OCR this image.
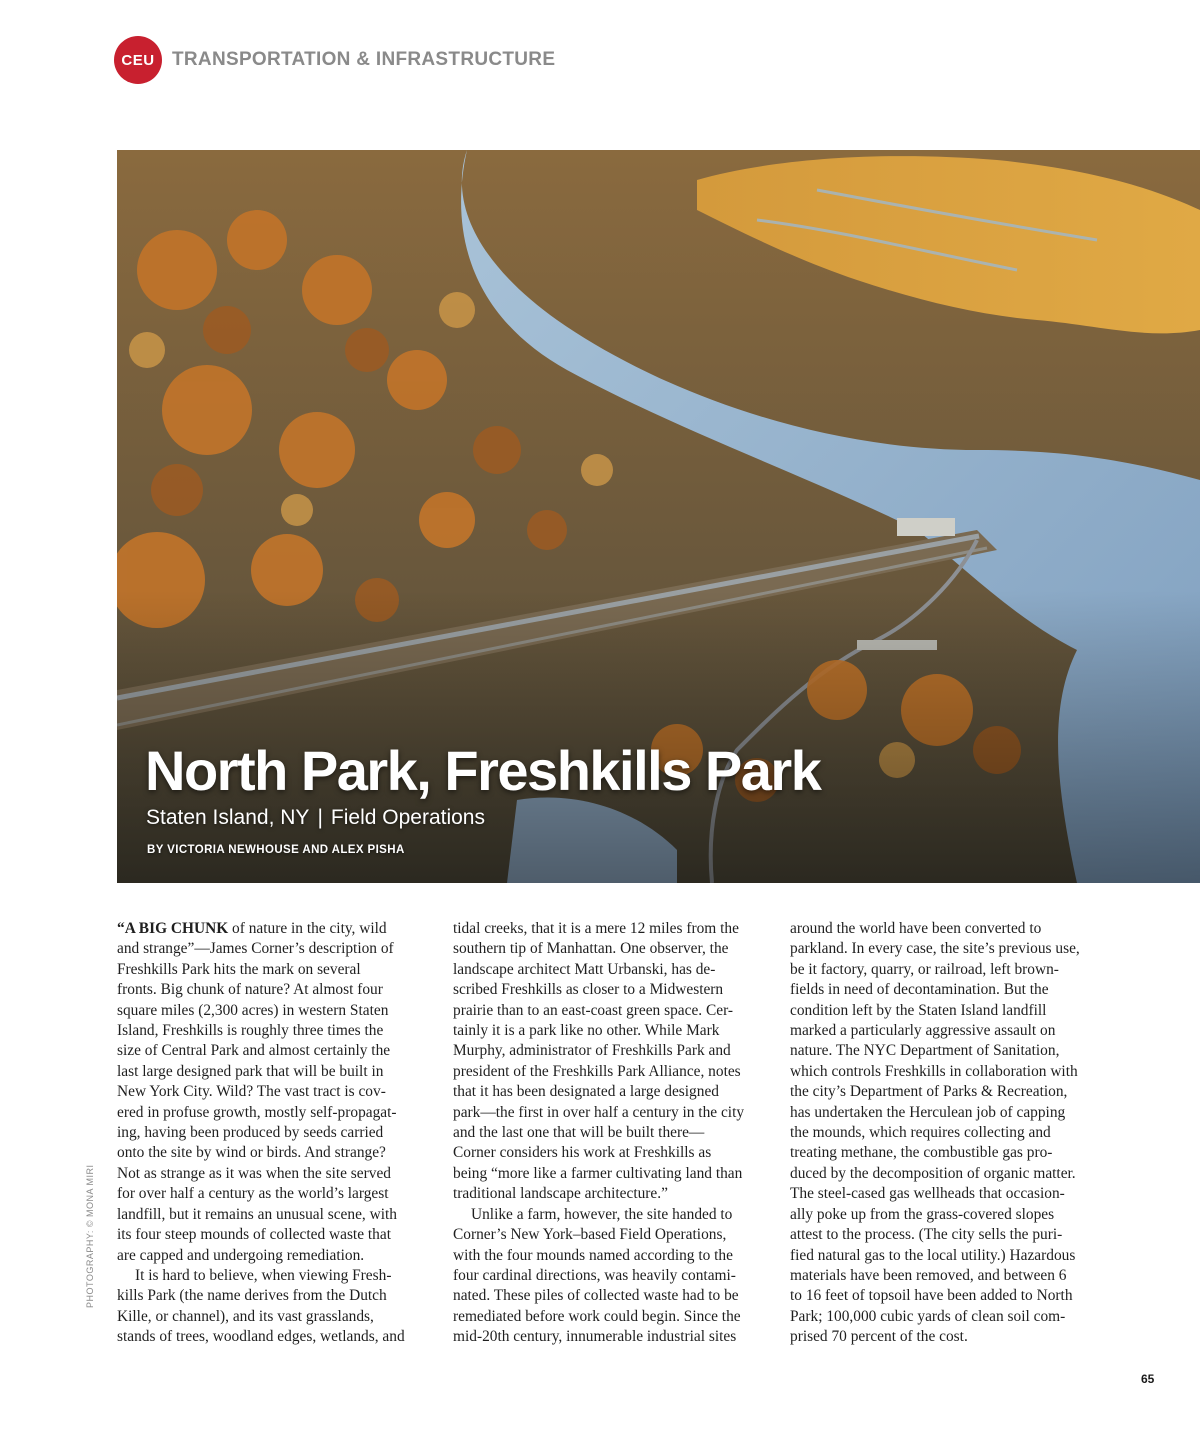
CEU TRANSPORTATION & INFRASTRUCTURE
North Park, Freshkills Park
Staten Island, NY | Field Operations
BY VICTORIA NEWHOUSE AND ALEX PISHA
PHOTOGRAPHY: © MONA MIRI
“A BIG CHUNK of nature in the city, wild
and strange”—James Corner’s description of
Freshkills Park hits the mark on several
fronts. Big chunk of nature? At almost four
square miles (2,300 acres) in western Staten
Island, Freshkills is roughly three times the
size of Central Park and almost certainly the
last large designed park that will be built in
New York City. Wild? The vast tract is cov-
ered in profuse growth, mostly self-propagat-
ing, having been produced by seeds carried
onto the site by wind or birds. And strange?
Not as strange as it was when the site served
for over half a century as the world’s largest
landfill, but it remains an unusual scene, with
its four steep mounds of collected waste that
are capped and undergoing remediation.
It is hard to believe, when viewing Fresh-
kills Park (the name derives from the Dutch
Kille, or channel), and its vast grasslands,
stands of trees, woodland edges, wetlands, and
tidal creeks, that it is a mere 12 miles from the
southern tip of Manhattan. One observer, the
landscape architect Matt Urbanski, has de-
scribed Freshkills as closer to a Midwestern
prairie than to an east-coast green space. Cer-
tainly it is a park like no other. While Mark
Murphy, administrator of Freshkills Park and
president of the Freshkills Park Alliance, notes
that it has been designated a large designed
park—the first in over half a century in the city
and the last one that will be built there—
Corner considers his work at Freshkills as
being “more like a farmer cultivating land than
traditional landscape architecture.”
Unlike a farm, however, the site handed to
Corner’s New York–based Field Operations,
with the four mounds named according to the
four cardinal directions, was heavily contami-
nated. These piles of collected waste had to be
remediated before work could begin. Since the
mid-20th century, innumerable industrial sites
around the world have been converted to
parkland. In every case, the site’s previous use,
be it factory, quarry, or railroad, left brown-
fields in need of decontamination. But the
condition left by the Staten Island landfill
marked a particularly aggressive assault on
nature. The NYC Department of Sanitation,
which controls Freshkills in collaboration with
the city’s Department of Parks & Recreation,
has undertaken the Herculean job of capping
the mounds, which requires collecting and
treating methane, the combustible gas pro-
duced by the decomposition of organic matter.
The steel-cased gas wellheads that occasion-
ally poke up from the grass-covered slopes
attest to the process. (The city sells the puri-
fied natural gas to the local utility.) Hazardous
materials have been removed, and between 6
to 16 feet of topsoil have been added to North
Park; 100,000 cubic yards of clean soil com-
prised 70 percent of the cost.
65
